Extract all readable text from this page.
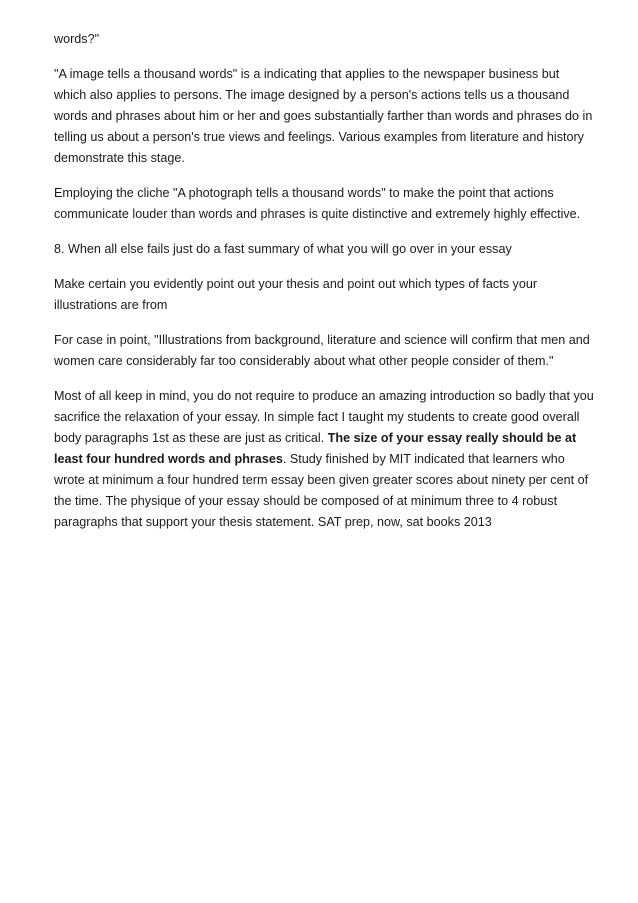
words?"

"A image tells a thousand words" is a indicating that applies to the newspaper business but which also applies to persons. The image designed by a person's actions tells us a thousand words and phrases about him or her and goes substantially farther than words and phrases do in telling us about a person's true views and feelings. Various examples from literature and history demonstrate this stage.

Employing the cliche "A photograph tells a thousand words" to make the point that actions communicate louder than words and phrases is quite distinctive and extremely highly effective.

8. When all else fails just do a fast summary of what you will go over in your essay

Make certain you evidently point out your thesis and point out which types of facts your illustrations are from

For case in point, "Illustrations from background, literature and science will confirm that men and women care considerably far too considerably about what other people consider of them."

Most of all keep in mind, you do not require to produce an amazing introduction so badly that you sacrifice the relaxation of your essay. In simple fact I taught my students to create good overall body paragraphs 1st as these are just as critical. The size of your essay really should be at least four hundred words and phrases. Study finished by MIT indicated that learners who wrote at minimum a four hundred term essay been given greater scores about ninety per cent of the time. The physique of your essay should be composed of at minimum three to 4 robust paragraphs that support your thesis statement. SAT prep, now, sat books 2013
